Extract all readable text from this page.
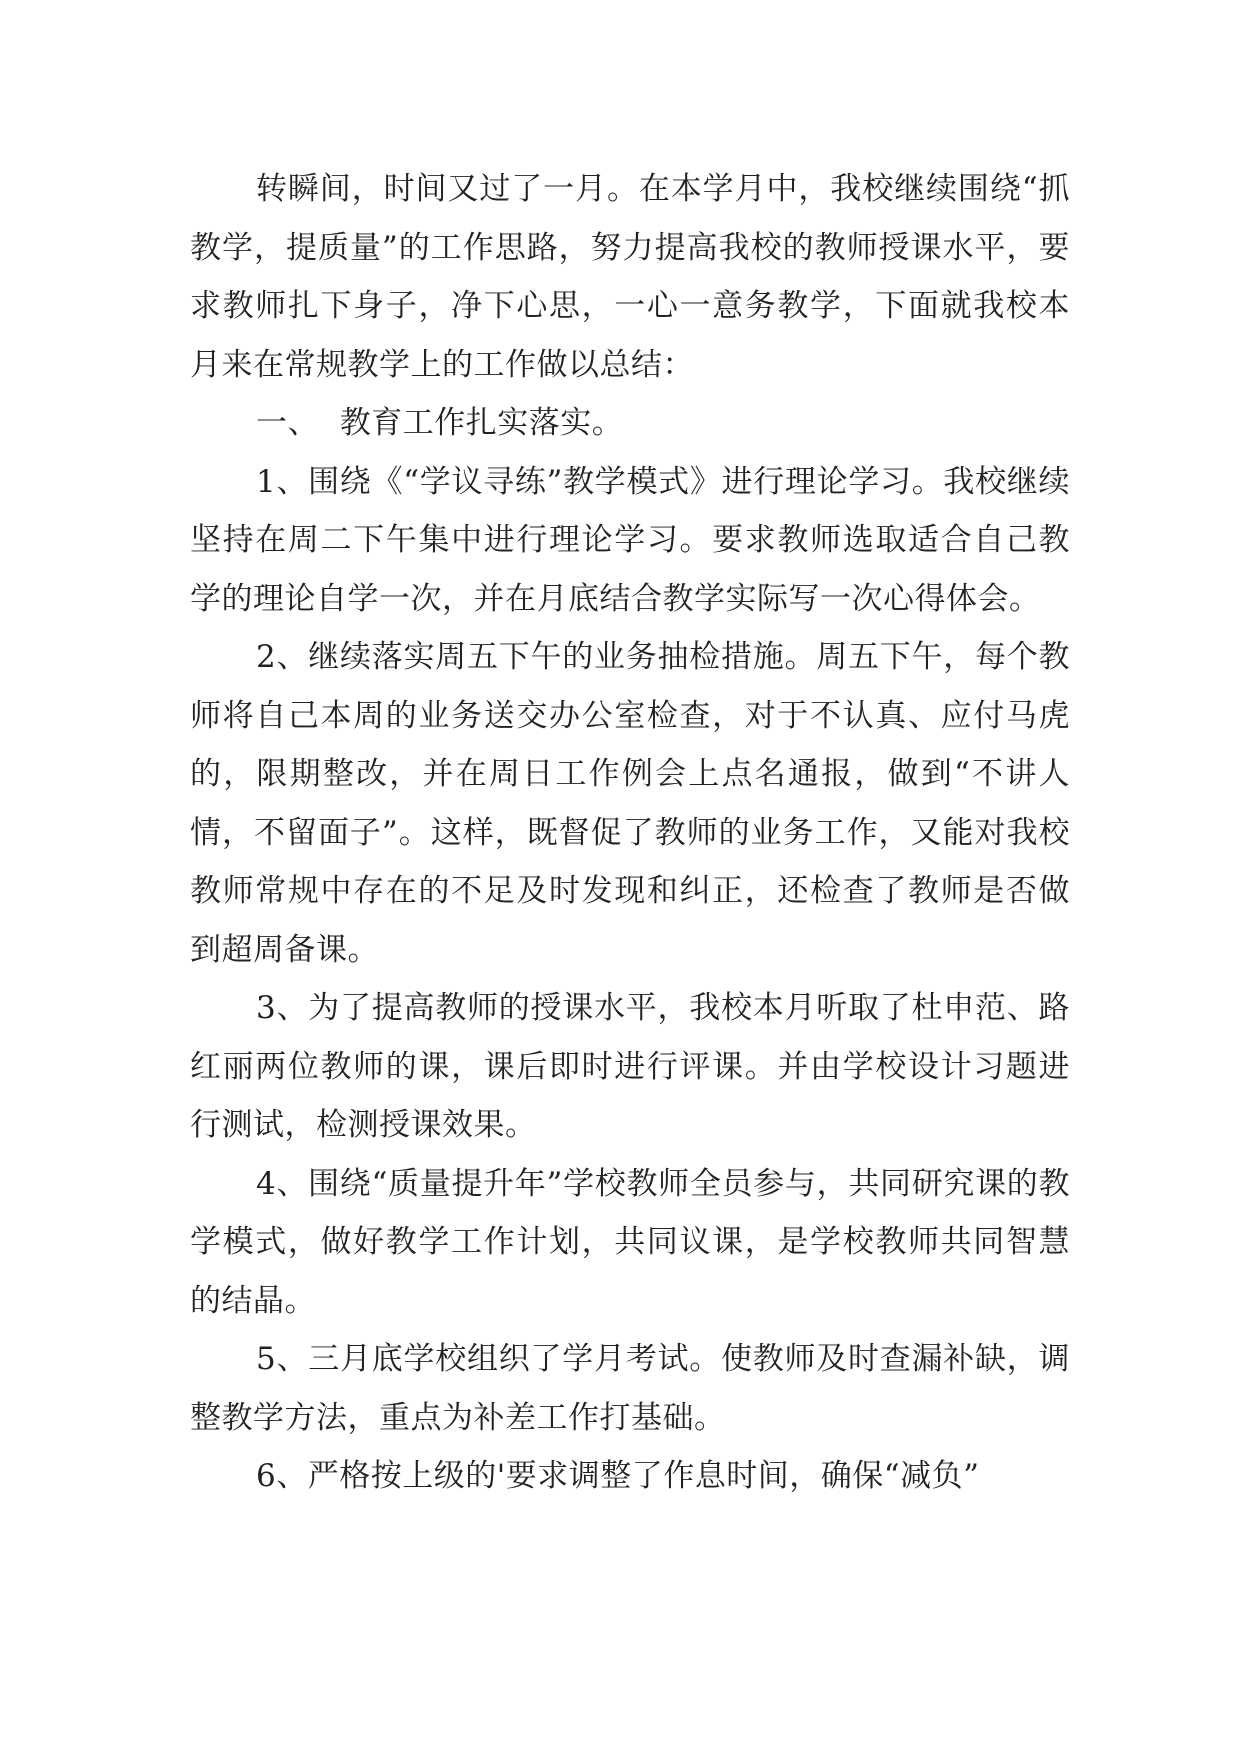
转瞬间，时间又过了一月。在本学月中，我校继续围绕“抓教学，提质量”的工作思路，努力提高我校的教师授课水平，要求教师扎下身子，净下心思，一心一意务教学，下面就我校本月来在常规教学上的工作做以总结：

一、  教育工作扎实落实。

1、围绕《“学议寻练”教学模式》进行理论学习。我校继续坚持在周二下午集中进行理论学习。要求教师选取适合自己教学的理论自学一次，并在月底结合教学实际写一次心得体会。

2、继续落实周五下午的业务抽检措施。周五下午，每个教师将自己本周的业务送交办公室检查，对于不认真、应付马虎的，限期整改，并在周日工作例会上点名通报，做到“不讲人情，不留面子”。这样，既督促了教师的业务工作，又能对我校教师常规中存在的不足及时发现和纠正，还检查了教师是否做到超周备课。

3、为了提高教师的授课水平，我校本月听取了杜申范、路红丽两位教师的课，课后即时进行评课。并由学校设计习题进行测试，检测授课效果。

4、围绕“质量提升年”学校教师全员参与，共同研究课的教学模式，做好教学工作计划，共同议课，是学校教师共同智慧的结晶。

5、三月底学校组织了学月考试。使教师及时查漏补缺，调整教学方法，重点为补差工作打基础。

6、严格按上级的'要求调整了作息时间，确保“减负”
